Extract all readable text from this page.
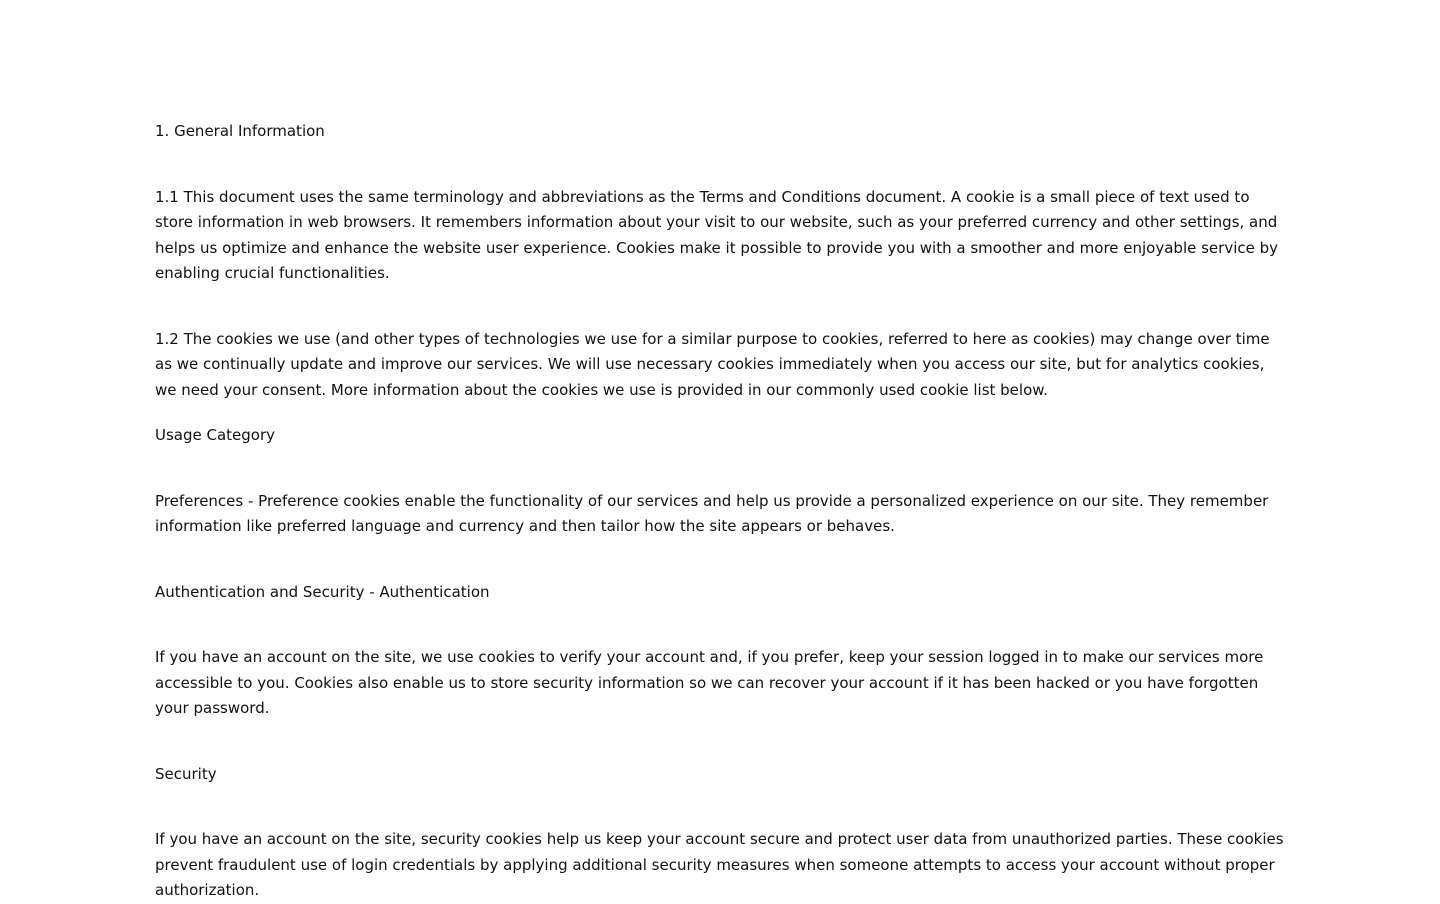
1. General Information

1.1 This document uses the same terminology and abbreviations as the Terms and Conditions document. A cookie is a small piece of text used to store information in web browsers. It remembers information about your visit to our website, such as your preferred currency and other settings, and helps us optimize and enhance the website user experience. Cookies make it possible to provide you with a smoother and more enjoyable service by enabling crucial functionalities.

1.2 The cookies we use (and other types of technologies we use for a similar purpose to cookies, referred to here as cookies) may change over time as we continually update and improve our services. We will use necessary cookies immediately when you access our site, but for analytics cookies, we need your consent. More information about the cookies we use is provided in our commonly used cookie list below.

Usage Category

Preferences - Preference cookies enable the functionality of our services and help us provide a personalized experience on our site. They remember information like preferred language and currency and then tailor how the site appears or behaves.

Authentication and Security - Authentication

If you have an account on the site, we use cookies to verify your account and, if you prefer, keep your session logged in to make our services more accessible to you. Cookies also enable us to store security information so we can recover your account if it has been hacked or you have forgotten your password.

Security

If you have an account on the site, security cookies help us keep your account secure and protect user data from unauthorized parties. These cookies prevent fraudulent use of login credentials by applying additional security measures when someone attempts to access your account without proper authorization.
